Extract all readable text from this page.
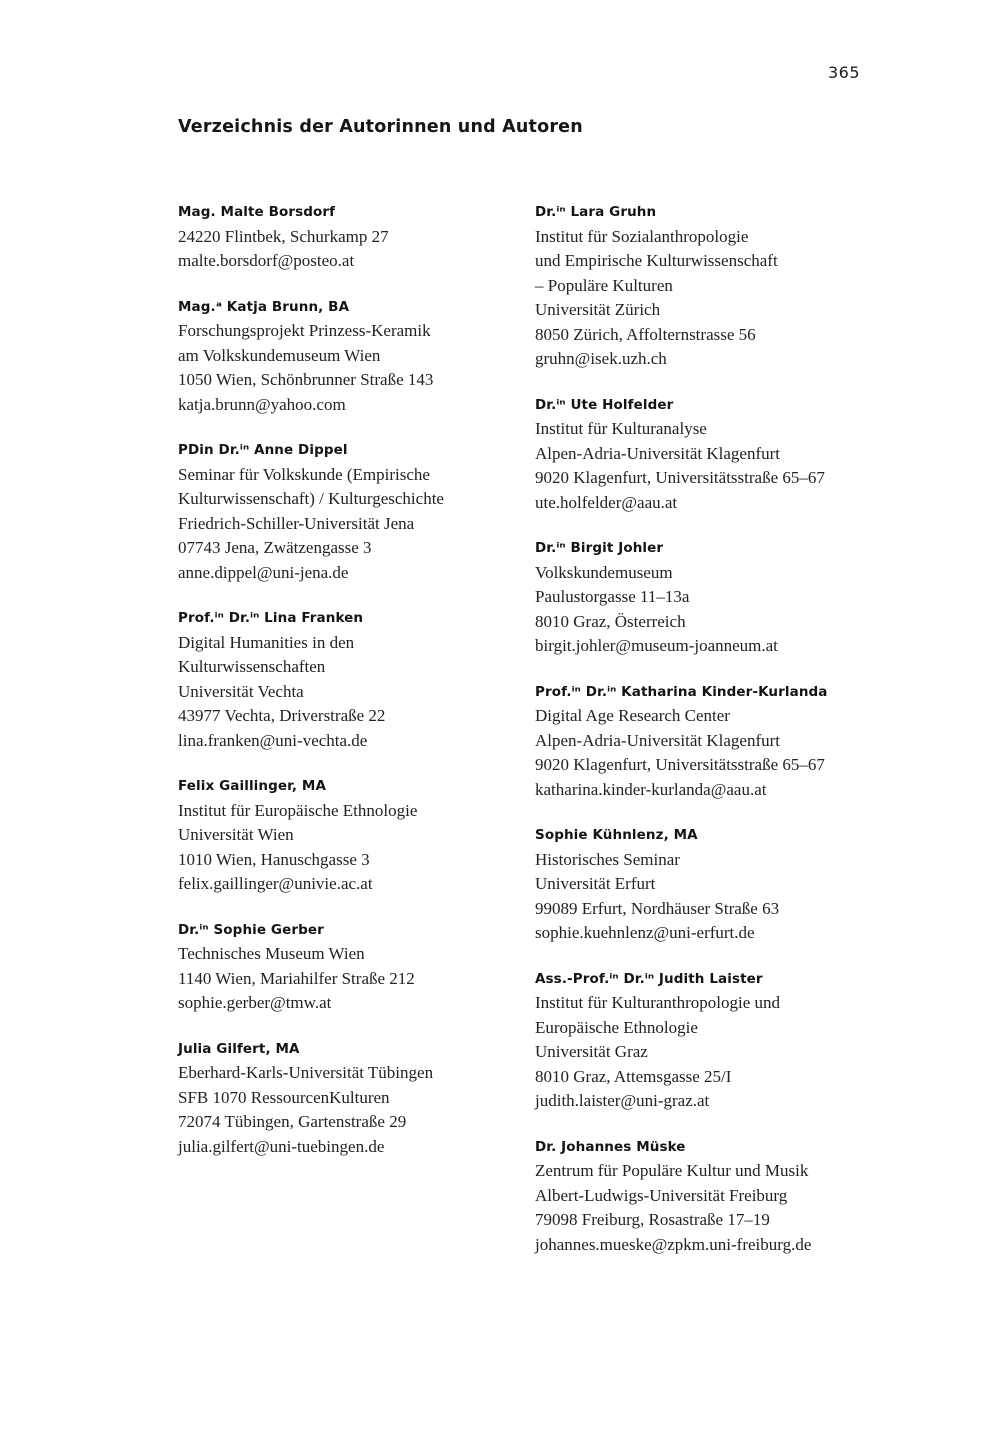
365
Verzeichnis der Autorinnen und Autoren
Mag. Malte Borsdorf
24220 Flintbek, Schurkamp 27
malte.borsdorf@posteo.at
Mag.ᵃ Katja Brunn, BA
Forschungsprojekt Prinzess-Keramik
am Volkskundemuseum Wien
1050 Wien, Schönbrunner Straße 143
katja.brunn@yahoo.com
PDin Dr.ⁱⁿ Anne Dippel
Seminar für Volkskunde (Empirische
Kulturwissenschaft) / Kulturgeschichte
Friedrich-Schiller-Universität Jena
07743 Jena, Zwätzengasse 3
anne.dippel@uni-jena.de
Prof.ⁱⁿ Dr.ⁱⁿ Lina Franken
Digital Humanities in den
Kulturwissenschaften
Universität Vechta
43977 Vechta, Driverstraße 22
lina.franken@uni-vechta.de
Felix Gaillinger, MA
Institut für Europäische Ethnologie
Universität Wien
1010 Wien, Hanuschgasse 3
felix.gaillinger@univie.ac.at
Dr.ⁱⁿ Sophie Gerber
Technisches Museum Wien
1140 Wien, Mariahilfer Straße 212
sophie.gerber@tmw.at
Julia Gilfert, MA
Eberhard-Karls-Universität Tübingen
SFB 1070 RessourcenKulturen
72074 Tübingen, Gartenstraße 29
julia.gilfert@uni-tuebingen.de
Dr.ⁱⁿ Lara Gruhn
Institut für Sozialanthropologie
und Empirische Kulturwissenschaft
– Populäre Kulturen
Universität Zürich
8050 Zürich, Affolternstrasse 56
gruhn@isek.uzh.ch
Dr.ⁱⁿ Ute Holfelder
Institut für Kulturanalyse
Alpen-Adria-Universität Klagenfurt
9020 Klagenfurt, Universitätsstraße 65–67
ute.holfelder@aau.at
Dr.ⁱⁿ Birgit Johler
Volkskundemuseum
Paulustorgasse 11–13a
8010 Graz, Österreich
birgit.johler@museum-joanneum.at
Prof.ⁱⁿ Dr.ⁱⁿ Katharina Kinder-Kurlanda
Digital Age Research Center
Alpen-Adria-Universität Klagenfurt
9020 Klagenfurt, Universitätsstraße 65–67
katharina.kinder-kurlanda@aau.at
Sophie Kühnlenz, MA
Historisches Seminar
Universität Erfurt
99089 Erfurt, Nordhäuser Straße 63
sophie.kuehnlenz@uni-erfurt.de
Ass.-Prof.ⁱⁿ Dr.ⁱⁿ Judith Laister
Institut für Kulturanthropologie und
Europäische Ethnologie
Universität Graz
8010 Graz, Attemsgasse 25/I
judith.laister@uni-graz.at
Dr. Johannes Müske
Zentrum für Populäre Kultur und Musik
Albert-Ludwigs-Universität Freiburg
79098 Freiburg, Rosastraße 17–19
johannes.mueske@zpkm.uni-freiburg.de
